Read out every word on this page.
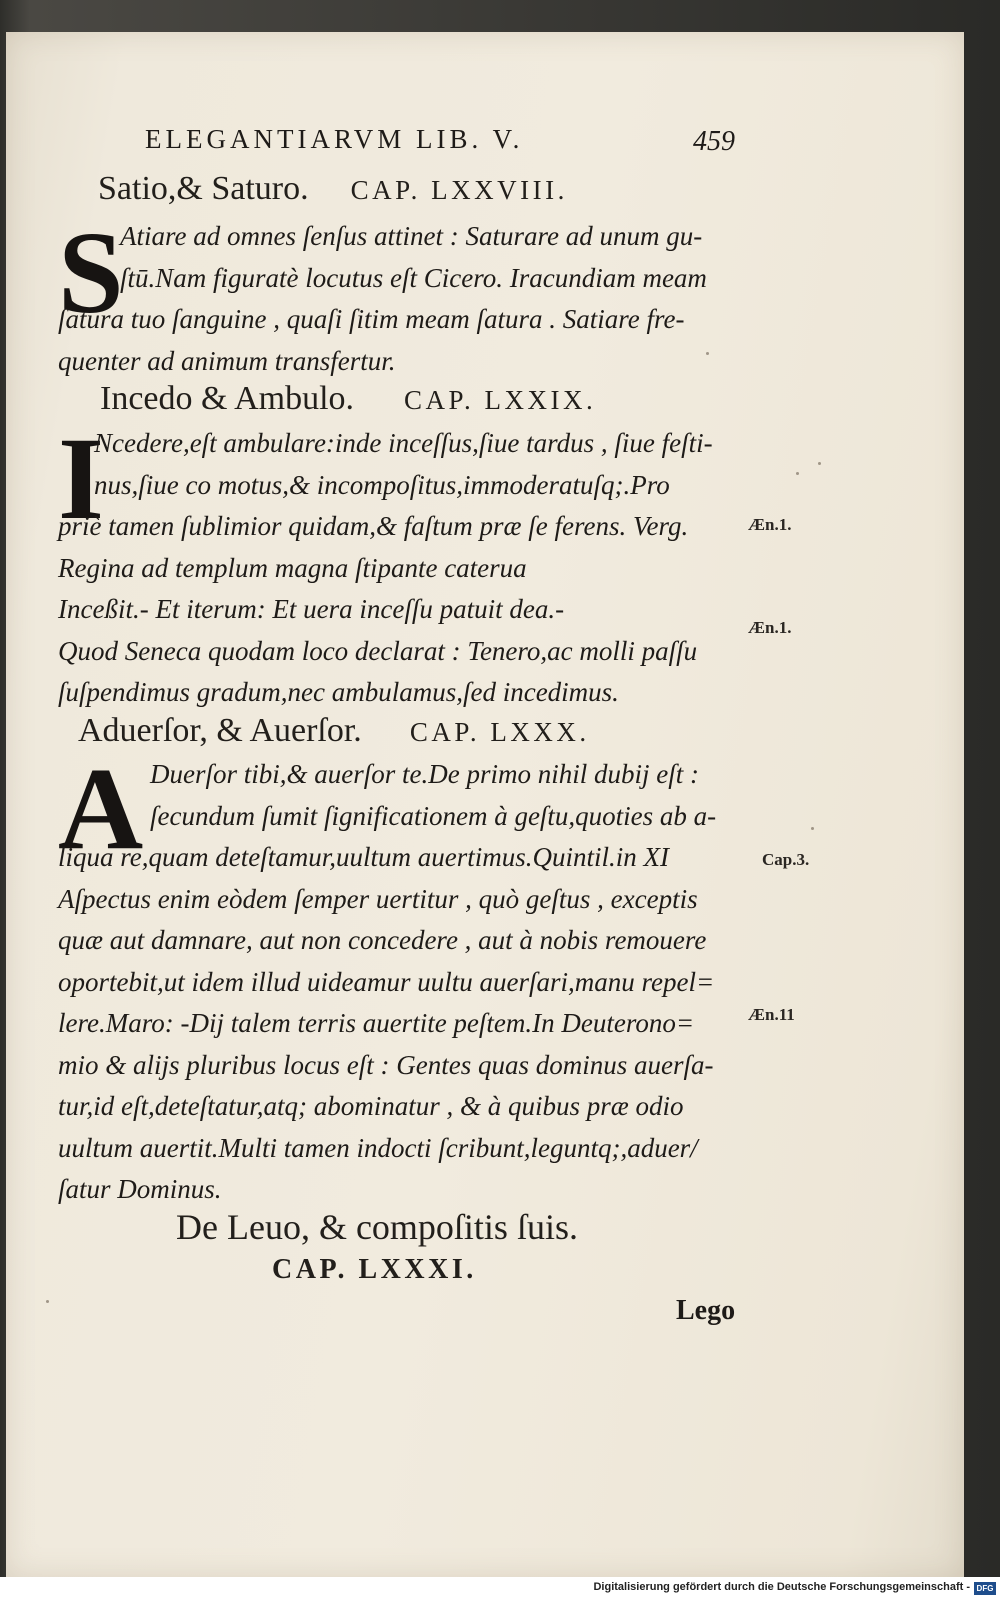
ELEGANTIARVM LIB. V.	459
Satio,& Saturo. CAP. LXXVIII.
S
Atiare ad omnes ſenſus attinet : Saturare ad unum gu-
ſtū.Nam figuratè locutus eſt Cicero. Iracundiam meam
ſatura tuo ſanguine , quaſi ſitim meam ſatura . Satiare fre-
quenter ad animum transfertur.
Incedo & Ambulo. CAP. LXXIX.
I
Ncedere,eſt ambulare:inde inceſſus,ſiue tardus , ſiue feſti-
nus,ſiue co motus,& incompoſitus,immoderatuſq;.Pro
priè tamen ſublimior quidam,& faſtum præ ſe ferens. Verg.
Regina ad templum magna ſtipante caterua
Inceßit.- Et iterum: Et uera inceſſu patuit dea.-
Quod Seneca quodam loco declarat : Tenero,ac molli paſſu
ſuſpendimus gradum,nec ambulamus,ſed incedimus.
Aduerſor, & Auerſor. CAP. LXXX.
A Duerſor tibi,& auerſor te.De primo nihil dubij eſt :
ſecundum ſumit ſignificationem à geſtu,quoties ab a-
liqua re,quam deteſtamur,uultum auertimus.Quintil.in XI
Aſpectus enim eòdem ſemper uertitur , quò geſtus , exceptis
quæ aut damnare, aut non concedere , aut à nobis remouere
oportebit,ut idem illud uideamur uultu auerſari,manu repel=
lere.Maro: -Dij talem terris auertite peſtem.In Deuterono=
mio & alijs pluribus locus eſt : Gentes quas dominus auerſa-
tur,id eſt,deteſtatur,atq; abominatur , & à quibus præ odio
uultum auertit.Multi tamen indocti ſcribunt,leguntq;,aduer/
ſatur Dominus.
De Leuo, & compoſitis ſuis.
CAP. LXXXI.
Æn.1.
Æn.1.
Cap.3.
Æn.11
Lego
Digitalisierung gefördert durch die Deutsche Forschungsgemeinschaft - DFG
